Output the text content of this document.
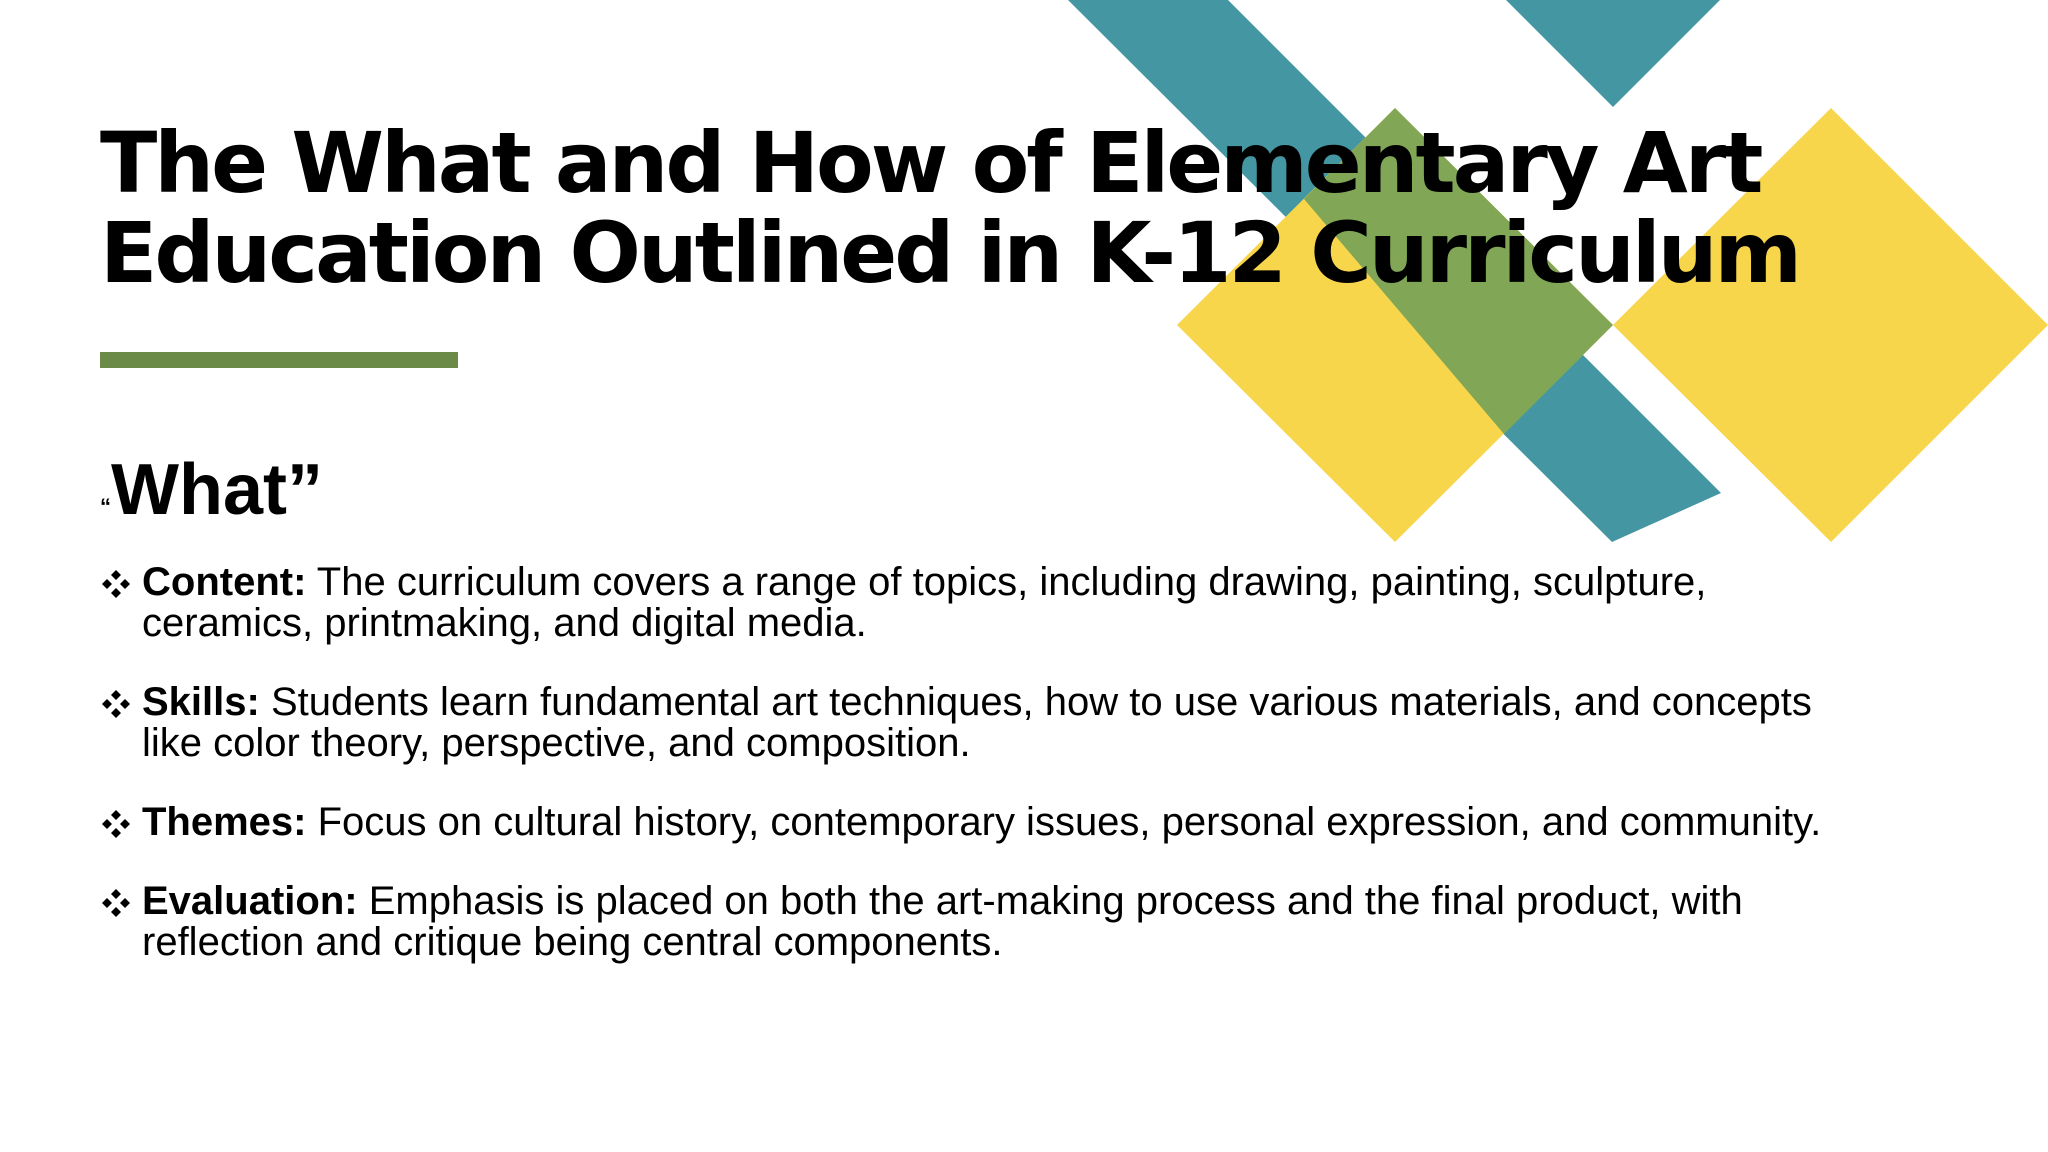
The What and How of Elementary Art
Education Outlined in K-12 Curriculum
“What”
Content: The curriculum covers a range of topics, including drawing, painting, sculpture,
ceramics, printmaking, and digital media.
Skills: Students learn fundamental art techniques, how to use various materials, and concepts
like color theory, perspective, and composition.
Themes: Focus on cultural history, contemporary issues, personal expression, and community.
Evaluation: Emphasis is placed on both the art-making process and the final product, with
reflection and critique being central components.
